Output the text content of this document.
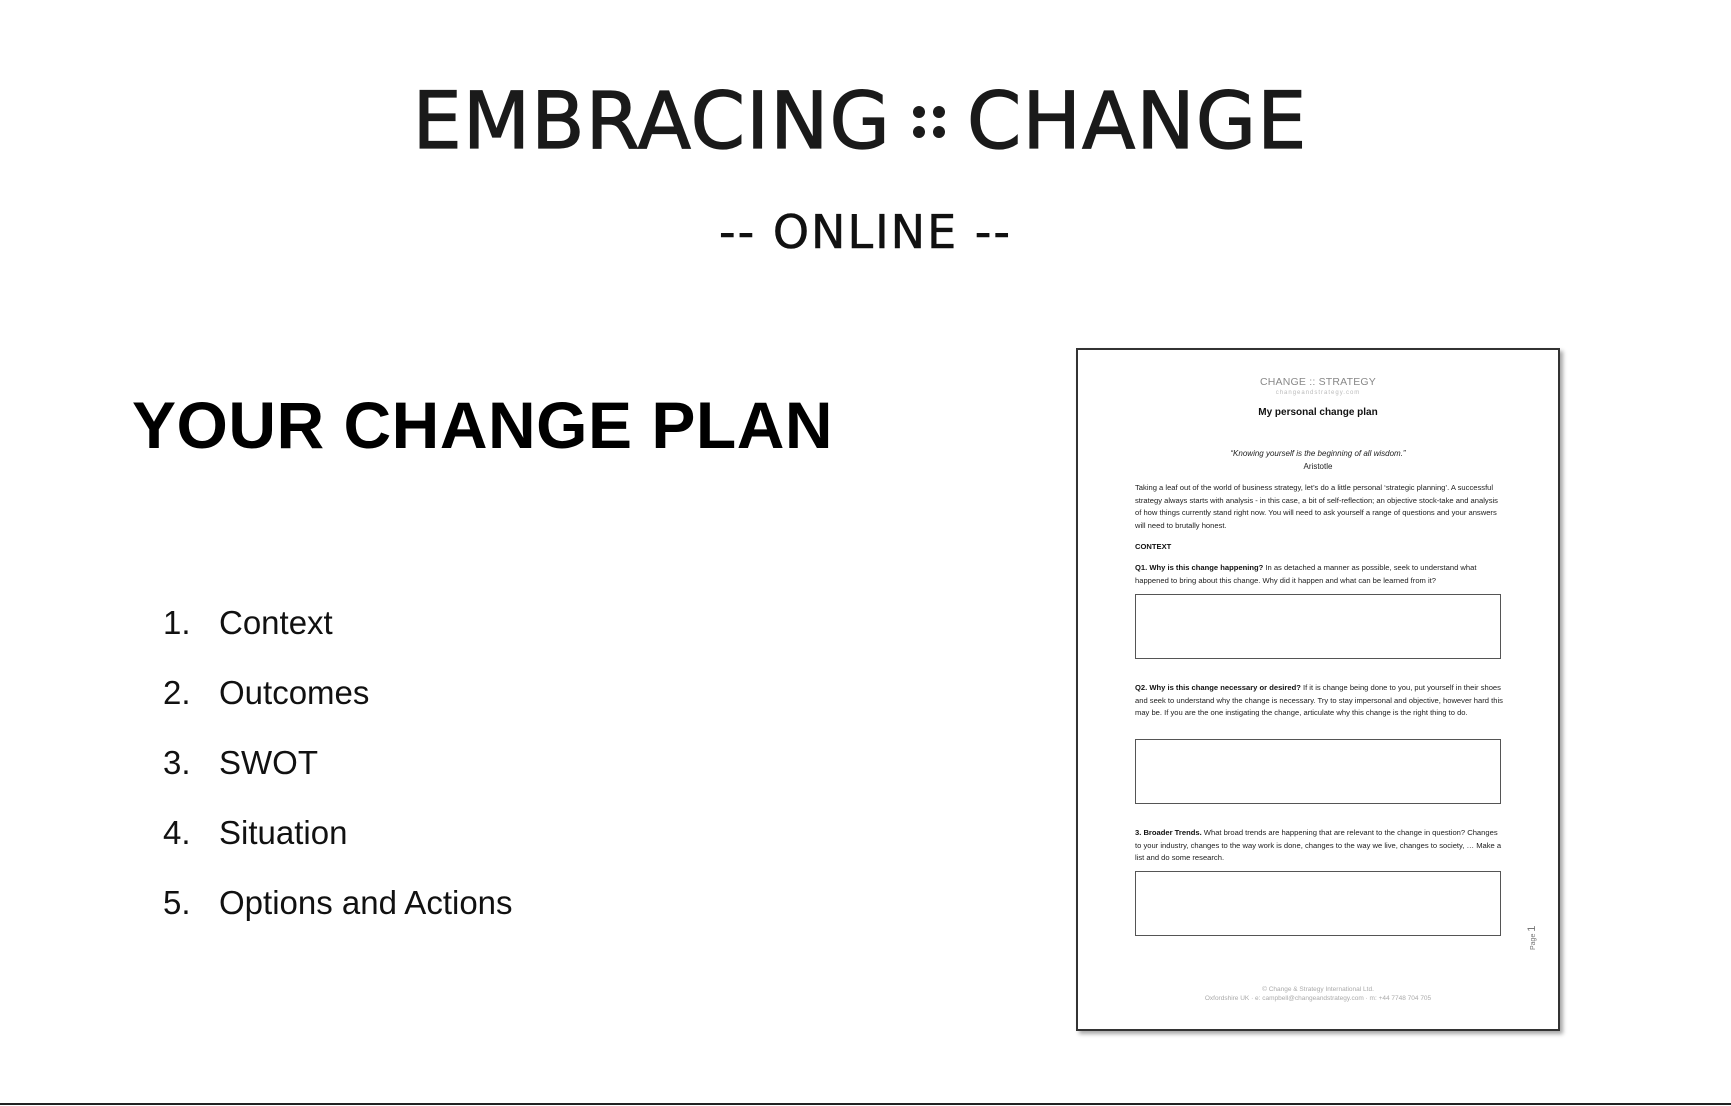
EMBRACING CHANGE
-- ONLINE --
YOUR CHANGE PLAN
1. Context
2. Outcomes
3. SWOT
4. Situation
5. Options and Actions
CHANGE :: STRATEGY
changeandstrategy.com
My personal change plan
“Knowing yourself is the beginning of all wisdom.”
Aristotle

Taking a leaf out of the world of business strategy, let’s do a little personal ‘strategic planning’. A successful strategy always starts with analysis - in this case, a bit of self-reflection; an objective stock-take and analysis of how things currently stand right now. You will need to ask yourself a range of questions and your answers will need to brutally honest.

CONTEXT

Q1. Why is this change happening? In as detached a manner as possible, seek to understand what happened to bring about this change. Why did it happen and what can be learned from it?

Q2. Why is this change necessary or desired? If it is change being done to you, put yourself in their shoes and seek to understand why the change is necessary. Try to stay impersonal and objective, however hard this may be. If you are the one instigating the change, articulate why this change is the right thing to do.

3. Broader Trends. What broad trends are happening that are relevant to the change in question? Changes to your industry, changes to the way work is done, changes to the way we live, changes to society, … Make a list and do some research.

Page 1
© Change & Strategy International Ltd.
Oxfordshire UK · e: campbell@changeandstrategy.com · m: +44 7748 704 705
